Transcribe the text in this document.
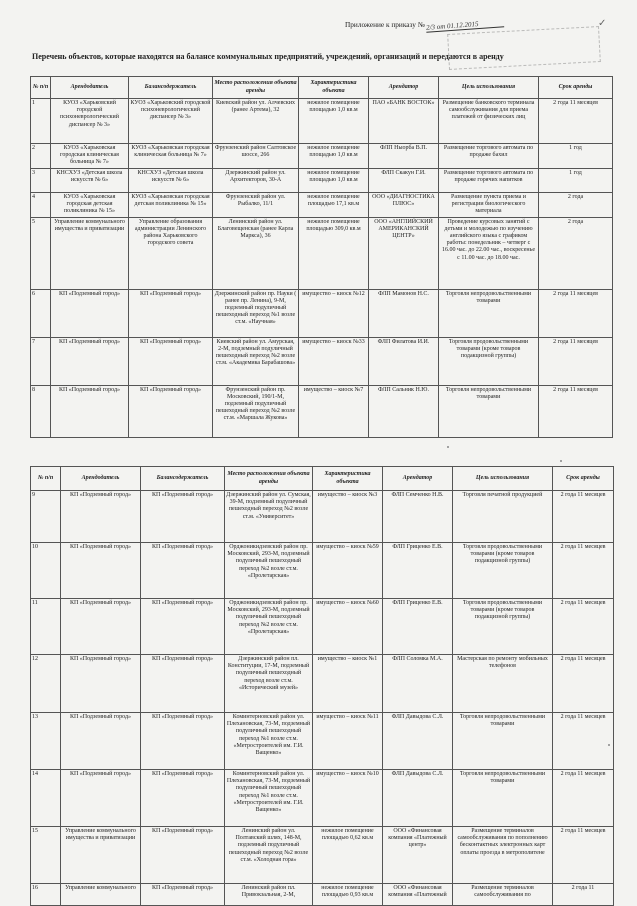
✓
Приложение к приказу № 2/3 от 01.12.2015
Перечень объектов, которые находятся на балансе коммунальных предприятий, учреждений, организаций и передаются в аренду
№ п/п	Арендодатель	Балансодержатель	Место расположения объекта аренды	Характеристика объекта	Арендатор	Цель использования	Срок аренды
1	КУОЗ «Харьковский городской психоневрологический диспансер № 3»	КУОЗ «Харьковский городской психоневрологический диспансер № 3»	Киевский район ул. Алчевских (ранее Артема), 32	нежилое помещение площадью 1,0 кв.м	ПАО «БАНК ВОСТОК»	Размещение банковского терминала самообслуживания для приема платежей от физических лиц	2 года 11 месяцев
2	КУОЗ «Харьковская городская клиническая больница № 7»	КУОЗ «Харьковская городская клиническая больница № 7»	Фрунзенский район Салтовское шоссе, 266	нежилое помещение площадью 1,0 кв.м	ФЛП Ныорба В.П.	Размещение торгового автомата по продаже бахил	1 год
3	КНСХУЗ «Детская школа искусств № 6»	КНСХУЗ «Детская школа искусств № 6»	Дзержинский район ул. Архитекторов, 30-А	нежилое помещение площадью 1,0 кв.м	ФЛП Скакун Г.И.	Размещение торгового автомата по продаже горячих напитков	1 год
4	КУОЗ «Харьковская городская детская поликлиника № 15»	КУОЗ «Харьковская городская детская поликлиника № 15»	Фрунзенский район ул. Рыбалко, 11/1	нежилое помещение площадью 17,1 кв.м	ООО «ДИАГНОСТИКА ПЛЮС»	Размещение пункта приема и регистрации биологического материала	2 года
5	Управление коммунального имущества и приватизации	Управление образования администрации Ленинского района Харьковского городского совета	Ленинский район ул. Благовещенская (ранее Карла Маркса), 36	нежилое помещение площадью 309,0 кв.м	ООО «АНГЛИЙСКИЙ АМЕРИКАНСКИЙ ЦЕНТР»	Проведение курсовых занятий с детьми и молодежью по изучению английского языка с графиком работы: понедельник – четверг с 16.00 час. до 22.00 час., воскресенье с 11.00 час. до 18.00 час.	2 года
6	КП «Подземный город»	КП «Подземный город»	Дзержинский район пр. Науки ( ранее пр. Ленина), 9-М, подземный подуличный пешеходный переход №1 возле ст.м. «Научная»	имущество – киоск №12	ФЛП Мамонов Н.С.	Торговля непродовольственными товарами	2 года 11 месяцев
7	КП «Подземный город»	КП «Подземный город»	Киевский район ул. Амурская, 2-М, подземный подуличный пешеходный переход №2 возле ст.м. «Академика Барабашова»	имущество – киоск №33	ФЛП Филатова И.И.	Торговля продовольственными товарами (кроме товаров подакцизной группы)	2 года 11 месяцев
8	КП «Подземный город»	КП «Подземный город»	Фрунзенский район пр. Московский, 190/1-М, подземный подуличный пешеходный переход №2 возле ст.м. «Маршала Жукова»	имущество – киоск №7	ФЛП Сальник Н.Ю.	Торговля непродовольственными товарами	2 года 11 месяцев
№ п/п	Арендодатель	Балансодержатель	Место расположения объекта аренды	Характеристика объекта	Арендатор	Цель использования	Срок аренды
9	КП «Подземный город»	КП «Подземный город»	Дзержинский район ул. Сумская, 39-М, подземный подуличный пешеходный переход №2 возле ст.м. «Университет»	имущество – киоск №3	ФЛП Семченко Н.В.	Торговля печатной продукцией	2 года 11 месяцев
10	КП «Подземный город»	КП «Подземный город»	Орджоникидзевский район пр. Московский, 293-М, подземный подуличный пешеходный переход №2 возле ст.м. «Пролетарская»	имущество – киоск №59	ФЛП Гриценко Е.В.	Торговля продовольственными товарами (кроме товаров подакцизной группы)	2 года 11 месяцев
11	КП «Подземный город»	КП «Подземный город»	Орджоникидзевский район пр. Московский, 293-М, подземный подуличный пешеходный переход №2 возле ст.м. «Пролетарская»	имущество – киоск №60	ФЛП Гриценко Е.В.	Торговля продовольственными товарами (кроме товаров подакцизной группы)	2 года 11 месяцев
12	КП «Подземный город»	КП «Подземный город»	Дзержинский район пл. Конституции, 17-М, подземный подуличный пешеходный переход возле ст.м. «Исторический музей»	имущество – киоск №1	ФЛП Соломка М.А.	Мастерская по ремонту мобильных телефонов	2 года 11 месяцев
13	КП «Подземный город»	КП «Подземный город»	Коминтерновский район ул. Плехановская, 73-М, подземный подуличный пешеходный переход №1 возле ст.м. «Метростроителей им. Г.И. Ващенко»	имущество – киоск №11	ФЛП Давыдова С.Л.	Торговля непродовольственными товарами	2 года 11 месяцев
14	КП «Подземный город»	КП «Подземный город»	Коминтерновский район ул. Плехановская, 73-М, подземный подуличный пешеходный переход №1 возле ст.м. «Метростроителей им. Г.И. Ващенко»	имущество – киоск №10	ФЛП Давыдова С.Л.	Торговля непродовольственными товарами	2 года 11 месяцев
15	Управление коммунального имущества и приватизации	КП «Подземный город»	Ленинский район ул. Полтавский шлях, 148-М, подземный подуличный пешеходный переход №2 возле ст.м. «Холодная гора»	нежилое помещение площадью 0,62 кв.м	ООО «Финансовая компания «Платежный центр»	Размещение терминалов самообслуживания по пополнению бесконтактных электронных карт оплаты проезда в метрополитене	2 года 11 месяцев
16	Управление коммунального	КП «Подземный город»	Ленинский район пл. Привокзальная, 2-М,	нежилое помещение площадью 0,93 кв.м	ООО «Финансовая компания «Платежный	Размещение терминалов самообслуживания по	2 года 11
